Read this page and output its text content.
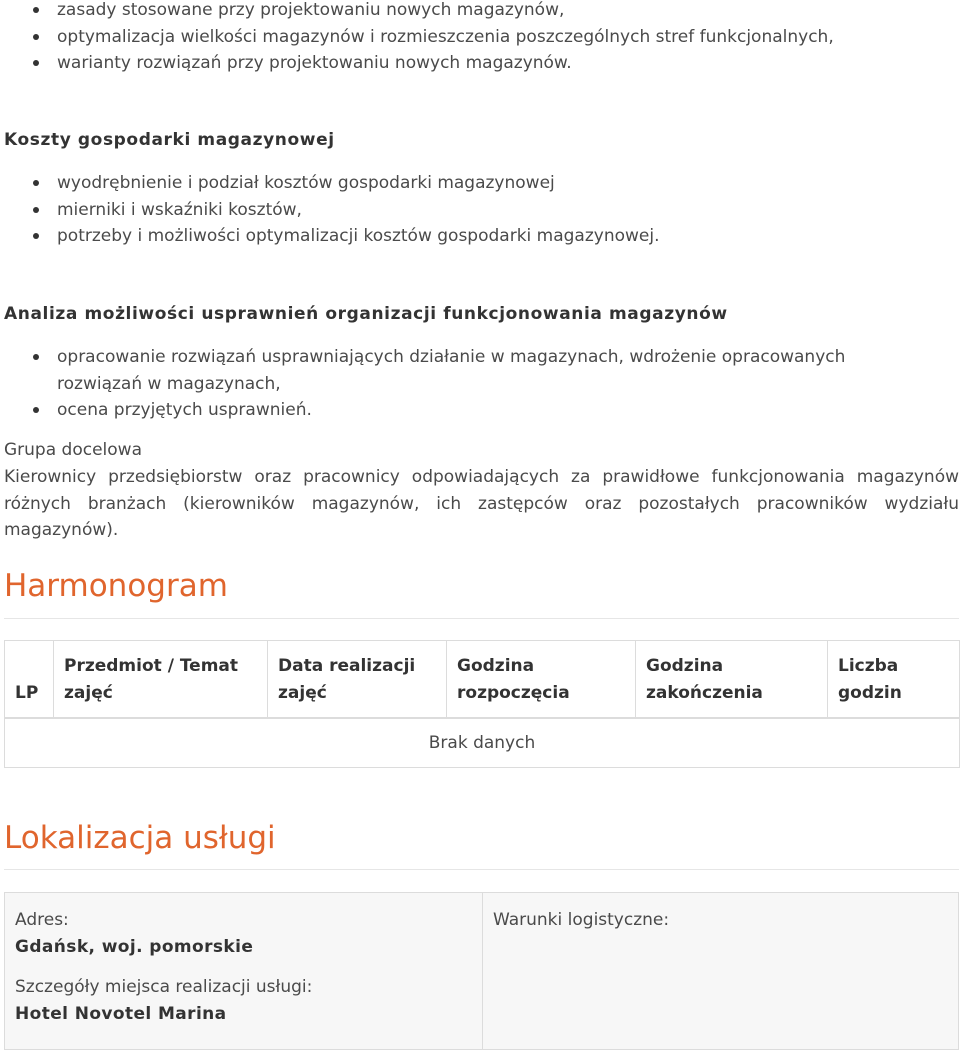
zasady stosowane przy projektowaniu nowych magazynów,
optymalizacja wielkości magazynów i rozmieszczenia poszczególnych stref funkcjonalnych,
warianty rozwiązań przy projektowaniu nowych magazynów.
Koszty gospodarki magazynowej
wyodrębnienie i podział kosztów gospodarki magazynowej
mierniki i wskaźniki kosztów,
potrzeby i możliwości optymalizacji kosztów gospodarki magazynowej.
Analiza możliwości usprawnień organizacji funkcjonowania magazynów
opracowanie rozwiązań usprawniających działanie w magazynach, wdrożenie opracowanych rozwiązań w magazynach,
ocena przyjętych usprawnień.
Grupa docelowa
Kierownicy przedsiębiorstw oraz pracownicy odpowiadających za prawidłowe funkcjonowania magazynów różnych branżach (kierowników magazynów, ich zastępców oraz pozostałych pracowników wydziału magazynów).
Harmonogram
LP	Przedmiot / Temat zajęć	Data realizacji zajęć	Godzina rozpoczęcia	Godzina zakończenia	Liczba godzin
Brak danych
Lokalizacja usługi
Adres:
Gdańsk, woj. pomorskie
Szczegóły miejsca realizacji usługi:
Hotel Novotel Marina
Warunki logistyczne:
